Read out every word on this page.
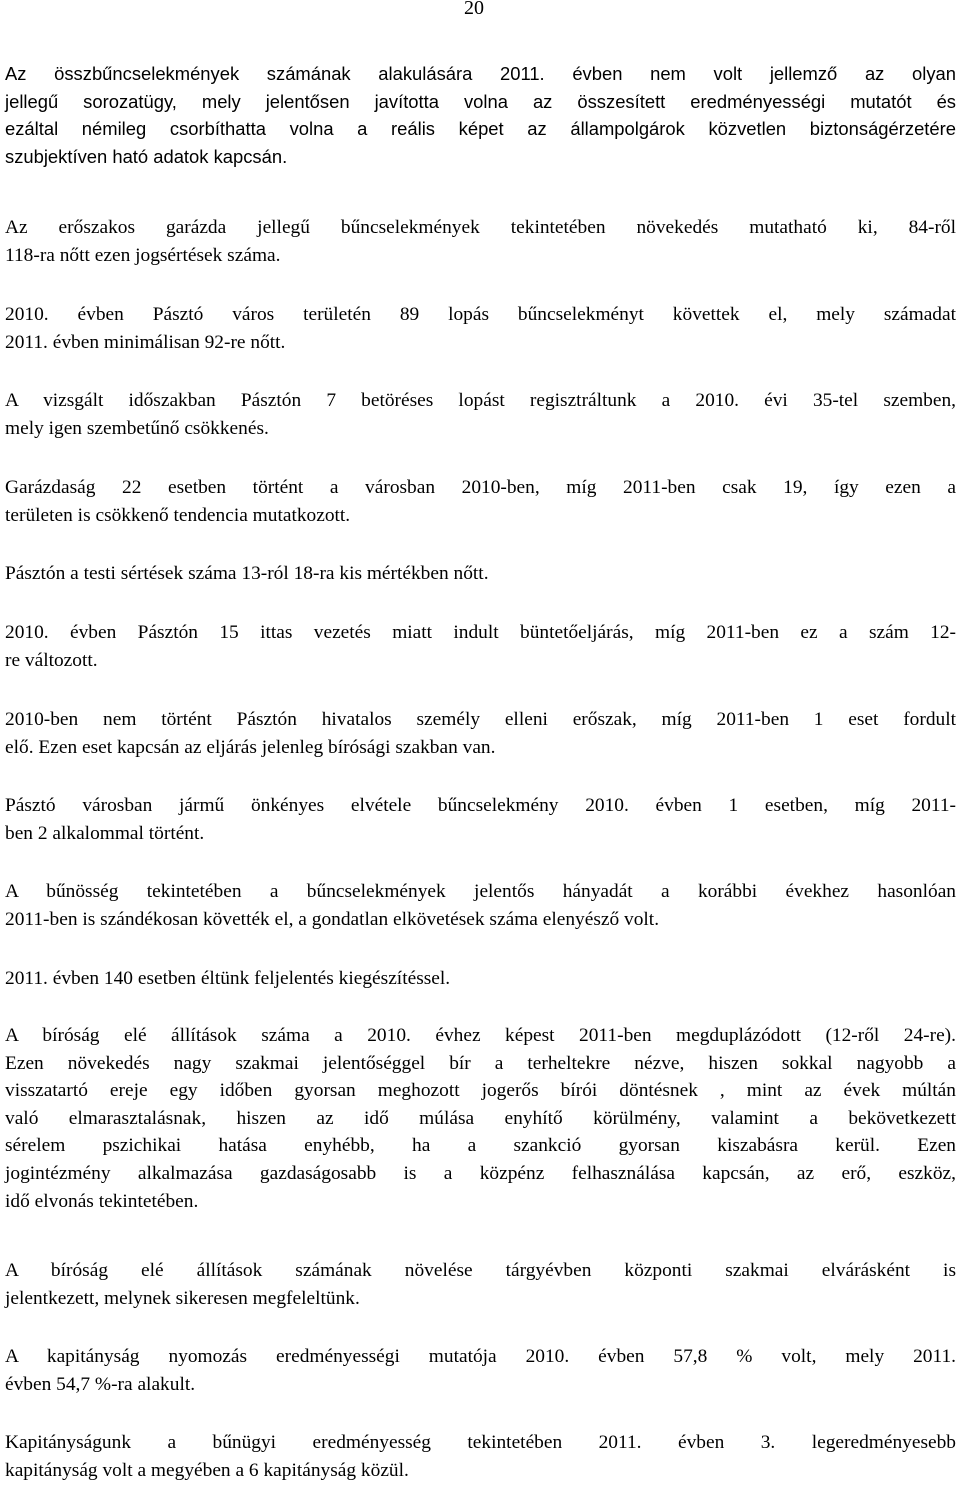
20
Az összbűncselekmények számának alakulására 2011. évben nem volt jellemző az olyan
jellegű sorozatügy, mely jelentősen javította volna az összesített eredményességi mutatót és
ezáltal némileg csorbíthatta volna a reális képet az állampolgárok közvetlen biztonságérzetére
szubjektíven ható adatok kapcsán.
Az erőszakos garázda jellegű bűncselekmények tekintetében növekedés mutatható ki, 84-ről
118-ra nőtt ezen jogsértések száma.
2010. évben Pásztó város területén 89 lopás bűncselekményt követtek el, mely számadat
2011. évben minimálisan 92-re nőtt.
A vizsgált időszakban Pásztón 7 betöréses lopást regisztráltunk a 2010. évi 35-tel szemben,
mely igen szembetűnő csökkenés.
Garázdaság 22 esetben történt a városban 2010-ben, míg 2011-ben csak 19, így ezen a
területen is csökkenő tendencia mutatkozott.
Pásztón a testi sértések száma 13-ról 18-ra kis mértékben nőtt.
2010. évben Pásztón 15 ittas vezetés miatt indult büntetőeljárás, míg 2011-ben ez a szám 12-
re változott.
2010-ben nem történt Pásztón hivatalos személy elleni erőszak, míg 2011-ben 1 eset fordult
elő. Ezen eset kapcsán az eljárás jelenleg bírósági szakban van.
Pásztó városban jármű önkényes elvétele bűncselekmény 2010. évben 1 esetben, míg 2011-
ben 2 alkalommal történt.
A bűnösség tekintetében a bűncselekmények jelentős hányadát a korábbi évekhez hasonlóan
2011-ben is szándékosan követték el, a gondatlan elkövetések száma elenyésző volt.
2011. évben 140 esetben éltünk feljelentés kiegészítéssel.
A bíróság elé állítások száma a 2010. évhez képest 2011-ben megduplázódott (12-ről 24-re).
Ezen növekedés nagy szakmai jelentőséggel bír a terheltekre nézve, hiszen sokkal nagyobb a
visszatartó ereje egy időben gyorsan meghozott jogerős bírói döntésnek , mint az évek múltán
való elmarasztalásnak, hiszen az idő múlása enyhítő körülmény, valamint a bekövetkezett
sérelem pszichikai hatása enyhébb, ha a szankció gyorsan kiszabásra kerül. Ezen
jogintézmény alkalmazása gazdaságosabb is a közpénz felhasználása kapcsán, az erő, eszköz,
idő elvonás tekintetében.
A bíróság elé állítások számának növelése tárgyévben központi szakmai elvárásként is
jelentkezett, melynek sikeresen megfeleltünk.
A kapitányság nyomozás eredményességi mutatója 2010. évben 57,8 % volt, mely 2011.
évben 54,7 %-ra alakult.
Kapitányságunk a bűnügyi eredményesség tekintetében 2011. évben 3. legeredményesebb
kapitányság volt a megyében a 6 kapitányság közül.
